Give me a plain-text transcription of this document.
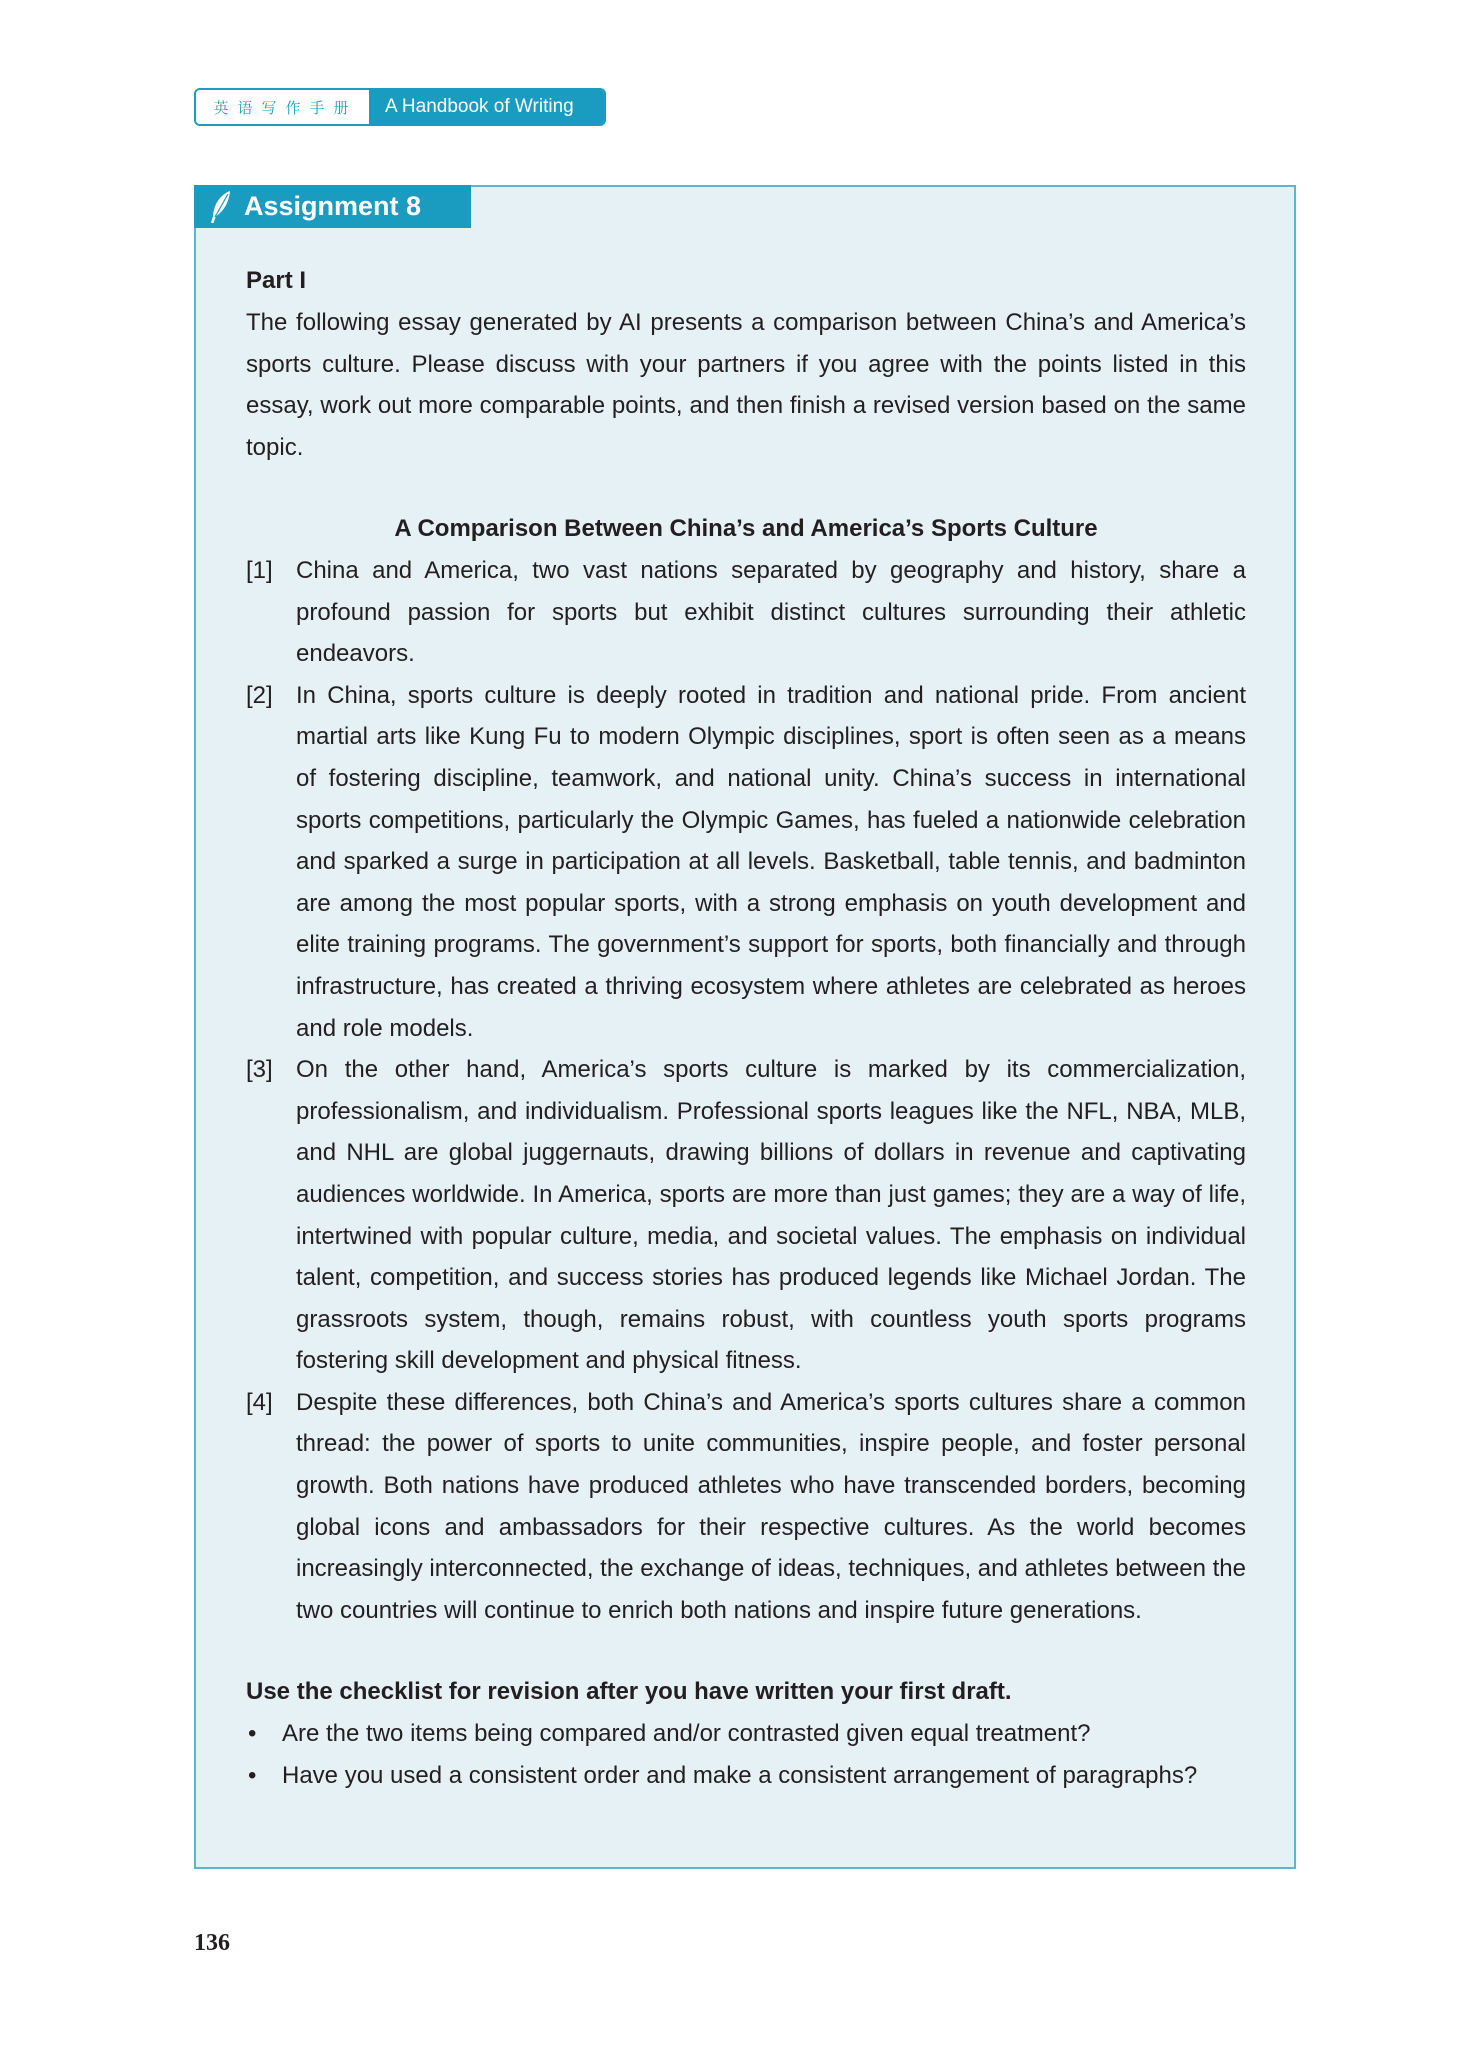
英语写作手册	A Handbook of Writing
Assignment 8
Part I

The following essay generated by AI presents a comparison between China’s and America’s sports culture. Please discuss with your partners if you agree with the points listed in this essay, work out more comparable points, and then finish a revised version based on the same topic.

A Comparison Between China’s and America’s Sports Culture
[1] China and America, two vast nations separated by geography and history, share a profound passion for sports but exhibit distinct cultures surrounding their athletic endeavors.

[2] In China, sports culture is deeply rooted in tradition and national pride. From ancient martial arts like Kung Fu to modern Olympic disciplines, sport is often seen as a means of fostering discipline, teamwork, and national unity. China’s success in international sports competitions, particularly the Olympic Games, has fueled a nationwide celebration and sparked a surge in participation at all levels. Basketball, table tennis, and badminton are among the most popular sports, with a strong emphasis on youth development and elite training programs. The government’s support for sports, both financially and through infrastructure, has created a thriving ecosystem where athletes are celebrated as heroes and role models.

[3] On the other hand, America’s sports culture is marked by its commercialization, professionalism, and individualism. Professional sports leagues like the NFL, NBA, MLB, and NHL are global juggernauts, drawing billions of dollars in revenue and captivating audiences worldwide. In America, sports are more than just games; they are a way of life, intertwined with popular culture, media, and societal values. The emphasis on individual talent, competition, and success stories has produced legends like Michael Jordan. The grassroots system, though, remains robust, with countless youth sports programs fostering skill development and physical fitness.

[4] Despite these differences, both China’s and America’s sports cultures share a common thread: the power of sports to unite communities, inspire people, and foster personal growth. Both nations have produced athletes who have transcended borders, becoming global icons and ambassadors for their respective cultures. As the world becomes increasingly interconnected, the exchange of ideas, techniques, and athletes between the two countries will continue to enrich both nations and inspire future generations.

Use the checklist for revision after you have written your first draft.
•	Are the two items being compared and/or contrasted given equal treatment?
•	Have you used a consistent order and make a consistent arrangement of paragraphs?
136
